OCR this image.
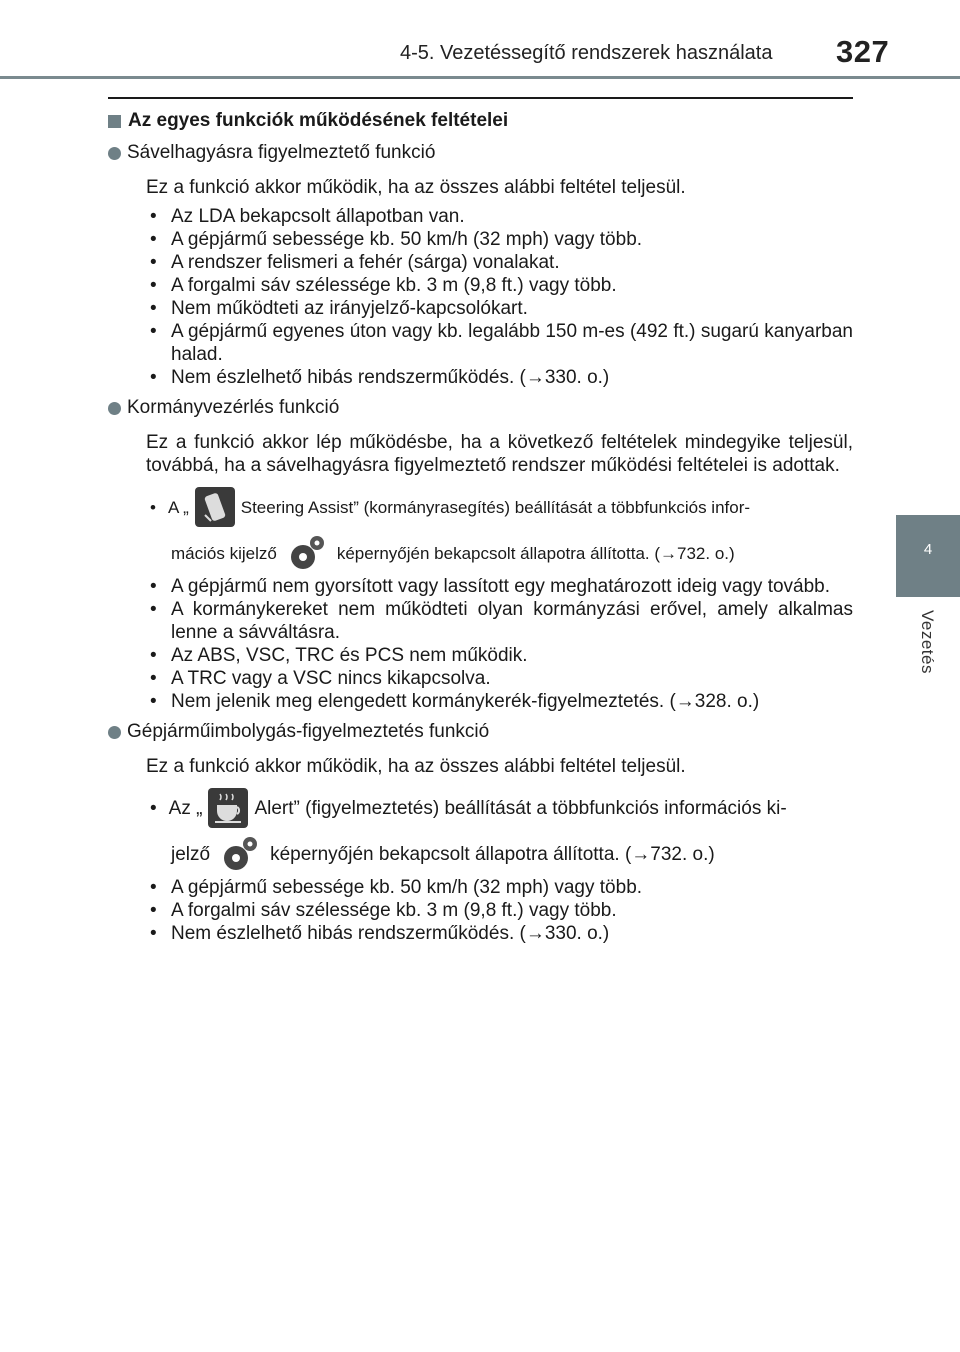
4-5. Vezetéssegítő rendszerek használata 327
4
Vezetés
Az egyes funkciók működésének feltételei
Sávelhagyásra figyelmeztető funkció
Ez a funkció akkor működik, ha az összes alábbi feltétel teljesül.
• Az LDA bekapcsolt állapotban van.
• A gépjármű sebessége kb. 50 km/h (32 mph) vagy több.
• A rendszer felismeri a fehér (sárga) vonalakat.
• A forgalmi sáv szélessége kb. 3 m (9,8 ft.) vagy több.
• Nem működteti az irányjelző-kapcsolókart.
• A gépjármű egyenes úton vagy kb. legalább 150 m-es (492 ft.) sugarú kanyarban halad.
• Nem észlelhető hibás rendszerműködés. (→330. o.)
Kormányvezérlés funkció
Ez a funkció akkor lép működésbe, ha a következő feltételek mindegyike teljesül, továbbá, ha a sávelhagyásra figyelmeztető rendszer működési feltételei is adottak.
• A „	Steering Assist” (kormányrasegítés) beállítását a többfunkciós infor-
mációs kijelző	képernyőjén bekapcsolt állapotra állította. (→732. o.)
• A gépjármű nem gyorsított vagy lassított egy meghatározott ideig vagy tovább.
• A kormánykereket nem működteti olyan kormányzási erővel, amely alkalmas lenne a sávváltásra.
• Az ABS, VSC, TRC és PCS nem működik.
• A TRC vagy a VSC nincs kikapcsolva.
• Nem jelenik meg elengedett kormánykerék-figyelmeztetés. (→328. o.)
Gépjárműimbolygás-figyelmeztetés funkció
Ez a funkció akkor működik, ha az összes alábbi feltétel teljesül.
• Az „	Alert” (figyelmeztetés) beállítását a többfunkciós információs ki-
jelző	képernyőjén bekapcsolt állapotra állította. (→732. o.)
• A gépjármű sebessége kb. 50 km/h (32 mph) vagy több.
• A forgalmi sáv szélessége kb. 3 m (9,8 ft.) vagy több.
• Nem észlelhető hibás rendszerműködés. (→330. o.)
